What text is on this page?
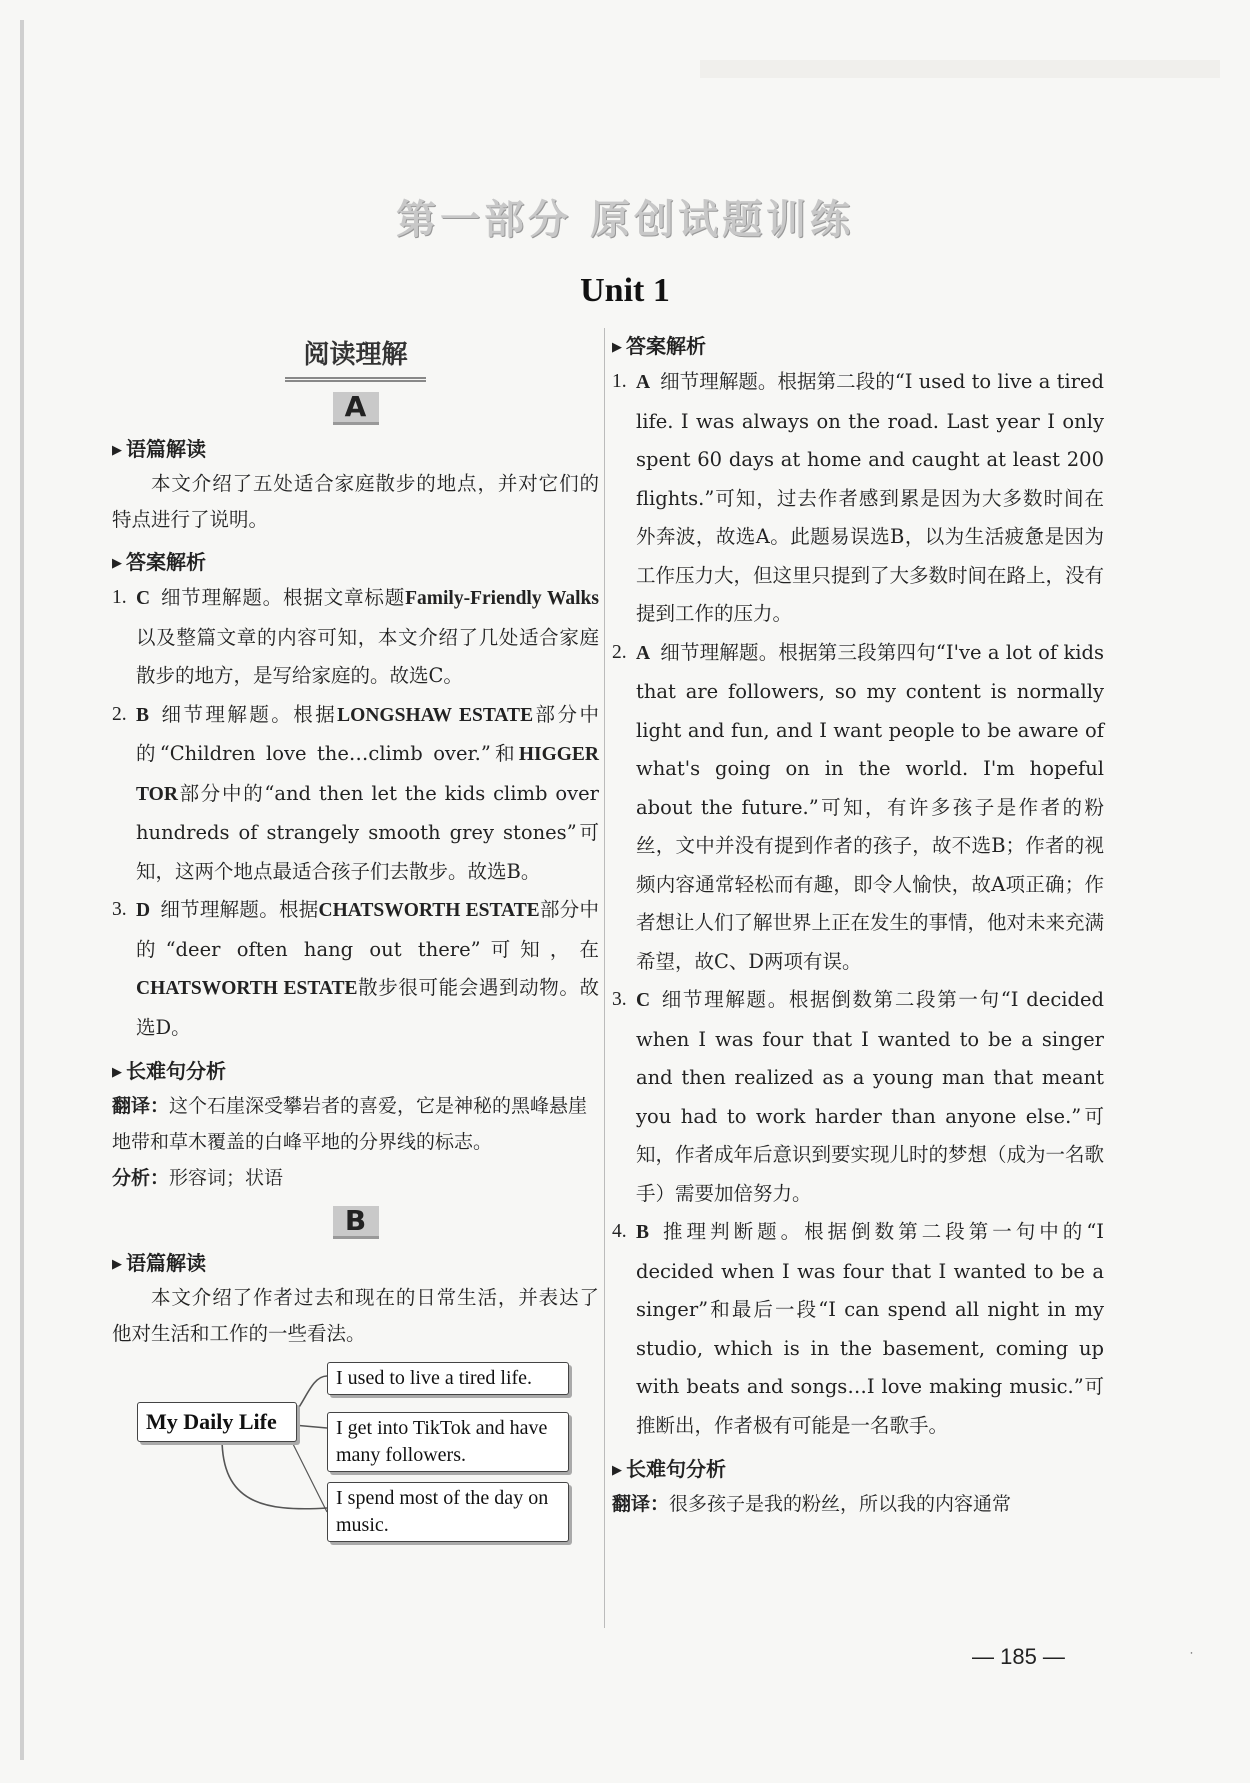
第一部分 原创试题训练
Unit 1
阅读理解
A
▶ 语篇解读

本文介绍了五处适合家庭散步的地点，并对它们的特点进行了说明。

▶ 答案解析
1. C 细节理解题。根据文章标题Family-Friendly Walks以及整篇文章的内容可知，本文介绍了几处适合家庭散步的地方，是写给家庭的。故选C。
2. B 细节理解题。根据LONGSHAW ESTATE部分中的“Children love the…climb over.”和HIGGER TOR部分中的“and then let the kids climb over hundreds of strangely smooth grey stones”可知，这两个地点最适合孩子们去散步。故选B。
3. D 细节理解题。根据CHATSWORTH ESTATE部分中的“deer often hang out there”可知，在CHATSWORTH ESTATE散步很可能会遇到动物。故选D。
▶ 长难句分析

翻译：这个石崖深受攀岩者的喜爱，它是神秘的黑峰悬崖地带和草木覆盖的白峰平地的分界线的标志。

分析：形容词；状语

B
▶ 语篇解读

本文介绍了作者过去和现在的日常生活，并表达了他对生活和工作的一些看法。

My Daily Life
I used to live a tired life.
I get into TikTok and have many followers.
I spend most of the day on music.
▶ 答案解析
1. A 细节理解题。根据第二段的“I used to live a tired life. I was always on the road. Last year I only spent 60 days at home and caught at least 200 flights.”可知，过去作者感到累是因为大多数时间在外奔波，故选A。此题易误选B，以为生活疲惫是因为工作压力大，但这里只提到了大多数时间在路上，没有提到工作的压力。
2. A 细节理解题。根据第三段第四句“I've a lot of kids that are followers, so my content is normally light and fun, and I want people to be aware of what's going on in the world. I'm hopeful about the future.”可知，有许多孩子是作者的粉丝，文中并没有提到作者的孩子，故不选B；作者的视频内容通常轻松而有趣，即令人愉快，故A项正确；作者想让人们了解世界上正在发生的事情，他对未来充满希望，故C、D两项有误。
3. C 细节理解题。根据倒数第二段第一句“I decided when I was four that I wanted to be a singer and then realized as a young man that meant you had to work harder than anyone else.”可知，作者成年后意识到要实现儿时的梦想（成为一名歌手）需要加倍努力。
4. B 推理判断题。根据倒数第二段第一句中的“I decided when I was four that I wanted to be a singer”和最后一段“I can spend all night in my studio, which is in the basement, coming up with beats and songs…I love making music.”可推断出，作者极有可能是一名歌手。
▶ 长难句分析

翻译：很多孩子是我的粉丝，所以我的内容通常

— 185 —	˙
